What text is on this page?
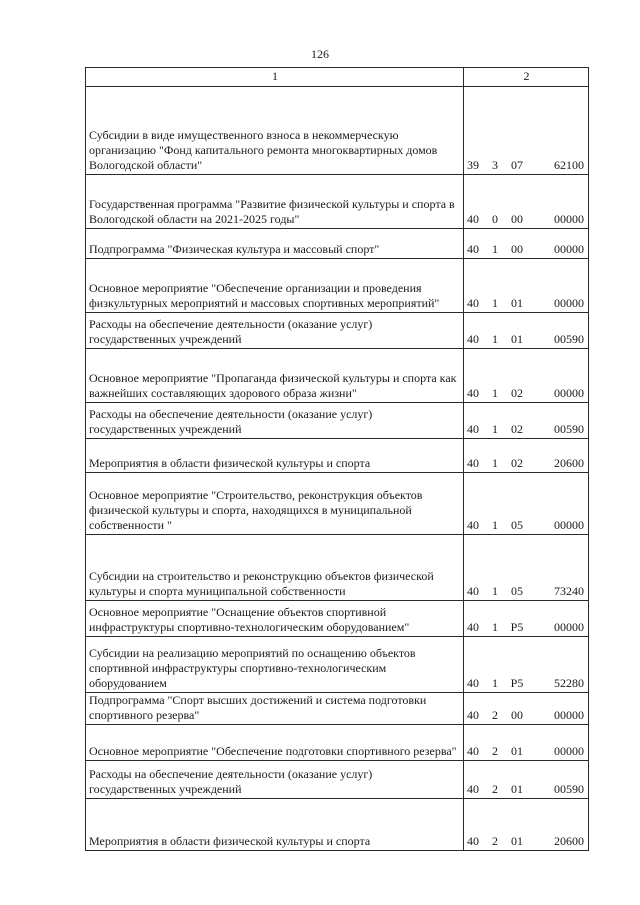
126
1	2
Субсидии в виде имущественного взноса в некоммерческую организацию "Фонд капитального ремонта многоквартирных домов Вологодской области"	39 3 07 62100

Государственная программа "Развитие физической культуры и спорта в Вологодской области на 2021-2025 годы"	40 0 00 00000

Подпрограмма "Физическая культура и массовый спорт"	40 1 00 00000

Основное мероприятие "Обеспечение организации и проведения физкультурных мероприятий и массовых спортивных мероприятий"	40 1 01 00000

Расходы на обеспечение деятельности (оказание услуг) государственных учреждений	40 1 01 00590

Основное мероприятие "Пропаганда физической культуры и спорта как важнейших составляющих здорового образа жизни"	40 1 02 00000

Расходы на обеспечение деятельности (оказание услуг) государственных учреждений	40 1 02 00590

Мероприятия в области физической культуры и спорта	40 1 02 20600

Основное мероприятие "Строительство, реконструкция объектов физической культуры и спорта, находящихся в муниципальной собственности "	40 1 05 00000

Субсидии на строительство и реконструкцию объектов физической культуры и спорта муниципальной собственности	40 1 05 73240

Основное мероприятие "Оснащение объектов спортивной инфраструктуры спортивно-технологическим оборудованием"	40 1 P5 00000

Субсидии на реализацию мероприятий по оснащению объектов спортивной инфраструктуры спортивно-технологическим оборудованием	40 1 P5 52280

Подпрограмма "Спорт высших достижений и система подготовки спортивного резерва"	40 2 00 00000

Основное мероприятие "Обеспечение подготовки спортивного резерва"	40 2 01 00000

Расходы на обеспечение деятельности (оказание услуг) государственных учреждений	40 2 01 00590

Мероприятия в области физической культуры и спорта	40 2 01 20600
